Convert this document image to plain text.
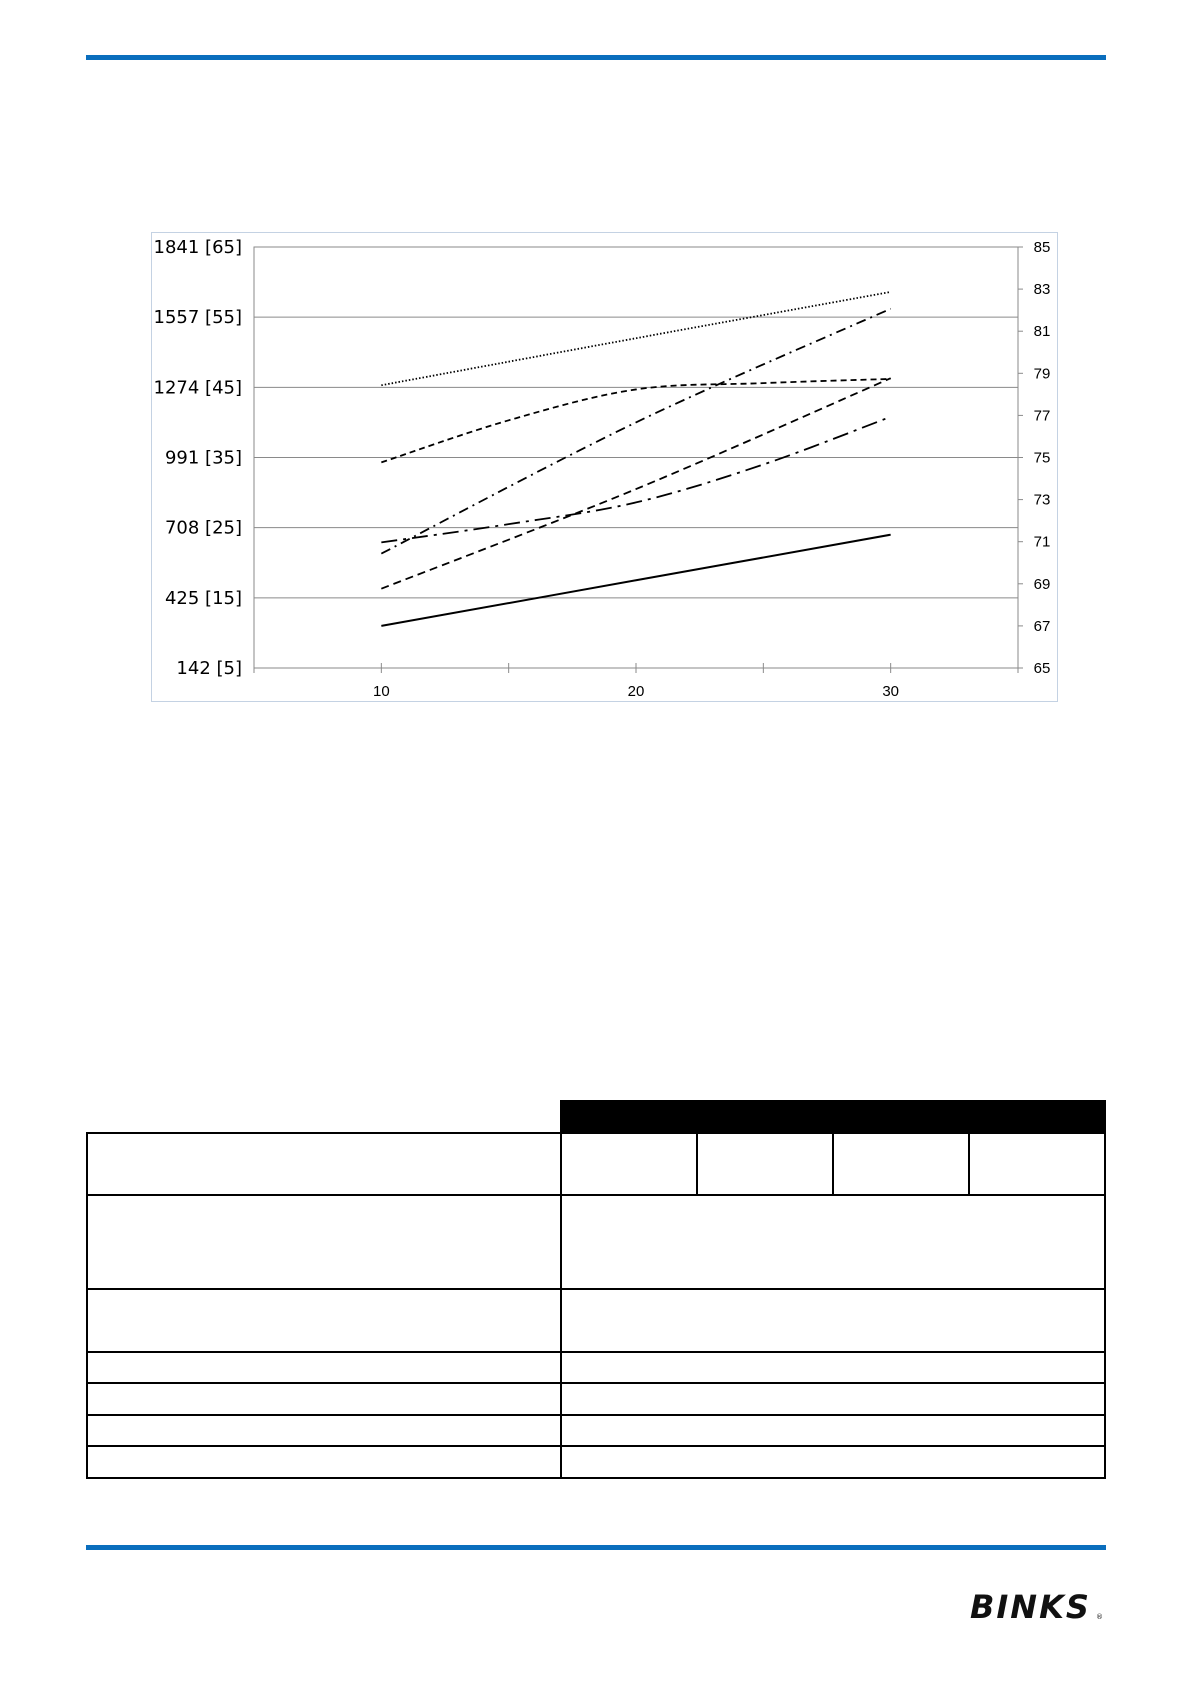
142 [5]
425 [15]
708 [25]
991 [35]
1274 [45]
1557 [55]
1841 [65]
65
67
69
71
73
75
77
79
81
83
85
10	20	30
BINKS ®
